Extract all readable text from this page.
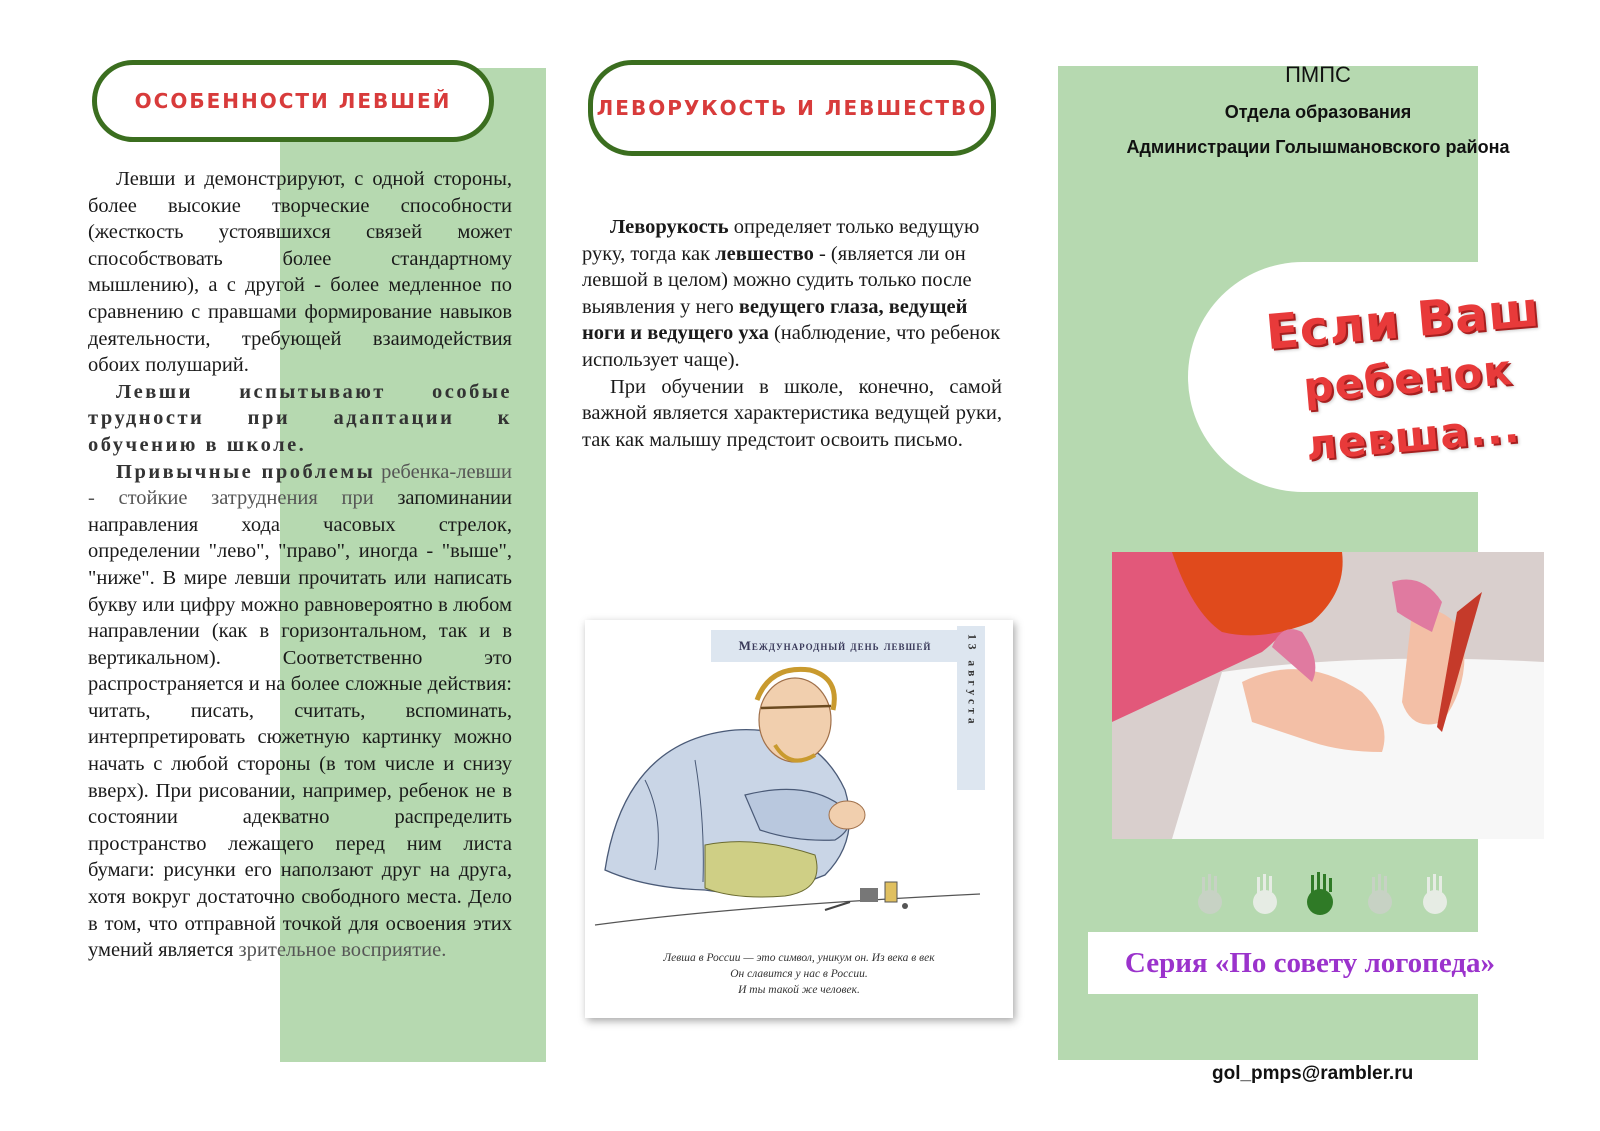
ОСОБЕННОСТИ ЛЕВШЕЙ

Левши и демонстрируют, с одной стороны, более высокие творческие способности (жесткость устоявшихся связей может способствовать более стандартному мышлению), а с другой - более медленное по сравнению с правшами формирование навыков деятельности, требующей взаимодействия обоих полушарий.

Левши испытывают особые трудности при адаптации к обучению в школе.

Привычные проблемы ребенка-левши - стойкие затруднения при запоминании направления хода часовых стрелок, определении "лево", "право", иногда - "выше", "ниже". В мире левши прочитать или написать букву или цифру можно равновероятно в любом направлении (как в горизонтальном, так и в вертикальном). Соответственно это распространяется и на более сложные действия: читать, писать, считать, вспоминать, интерпретировать сюжетную картинку можно начать с любой стороны (в том числе и снизу вверх). При рисовании, например, ребенок не в состоянии адекватно распределить пространство лежащего перед ним листа бумаги: рисунки его наползают друг на друга, хотя вокруг достаточно свободного места. Дело в том, что отправной точкой для освоения этих умений является зрительное восприятие.

ЛЕВОРУКОСТЬ И ЛЕВШЕСТВО

Леворукость определяет только ведущую руку, тогда как левшество - (является ли он левшой в целом) можно судить только после выявления у него ведущего глаза, ведущей ноги и ведущего уха (наблюдение, что ребенок использует чаще).

При обучении в школе, конечно, самой важной является характеристика ведущей руки, так как малышу предстоит освоить письмо.

Международный день левшей	13 августа
Левша в России — это символ, уникум он. Из века в век
Он славится у нас в России.
И ты такой же человек.
ПМПС
Отдела образования
Администрации Голышмановского района
Если Ваш
ребенок левша...
Серия «По совету логопеда»
gol_pmps@rambler.ru
